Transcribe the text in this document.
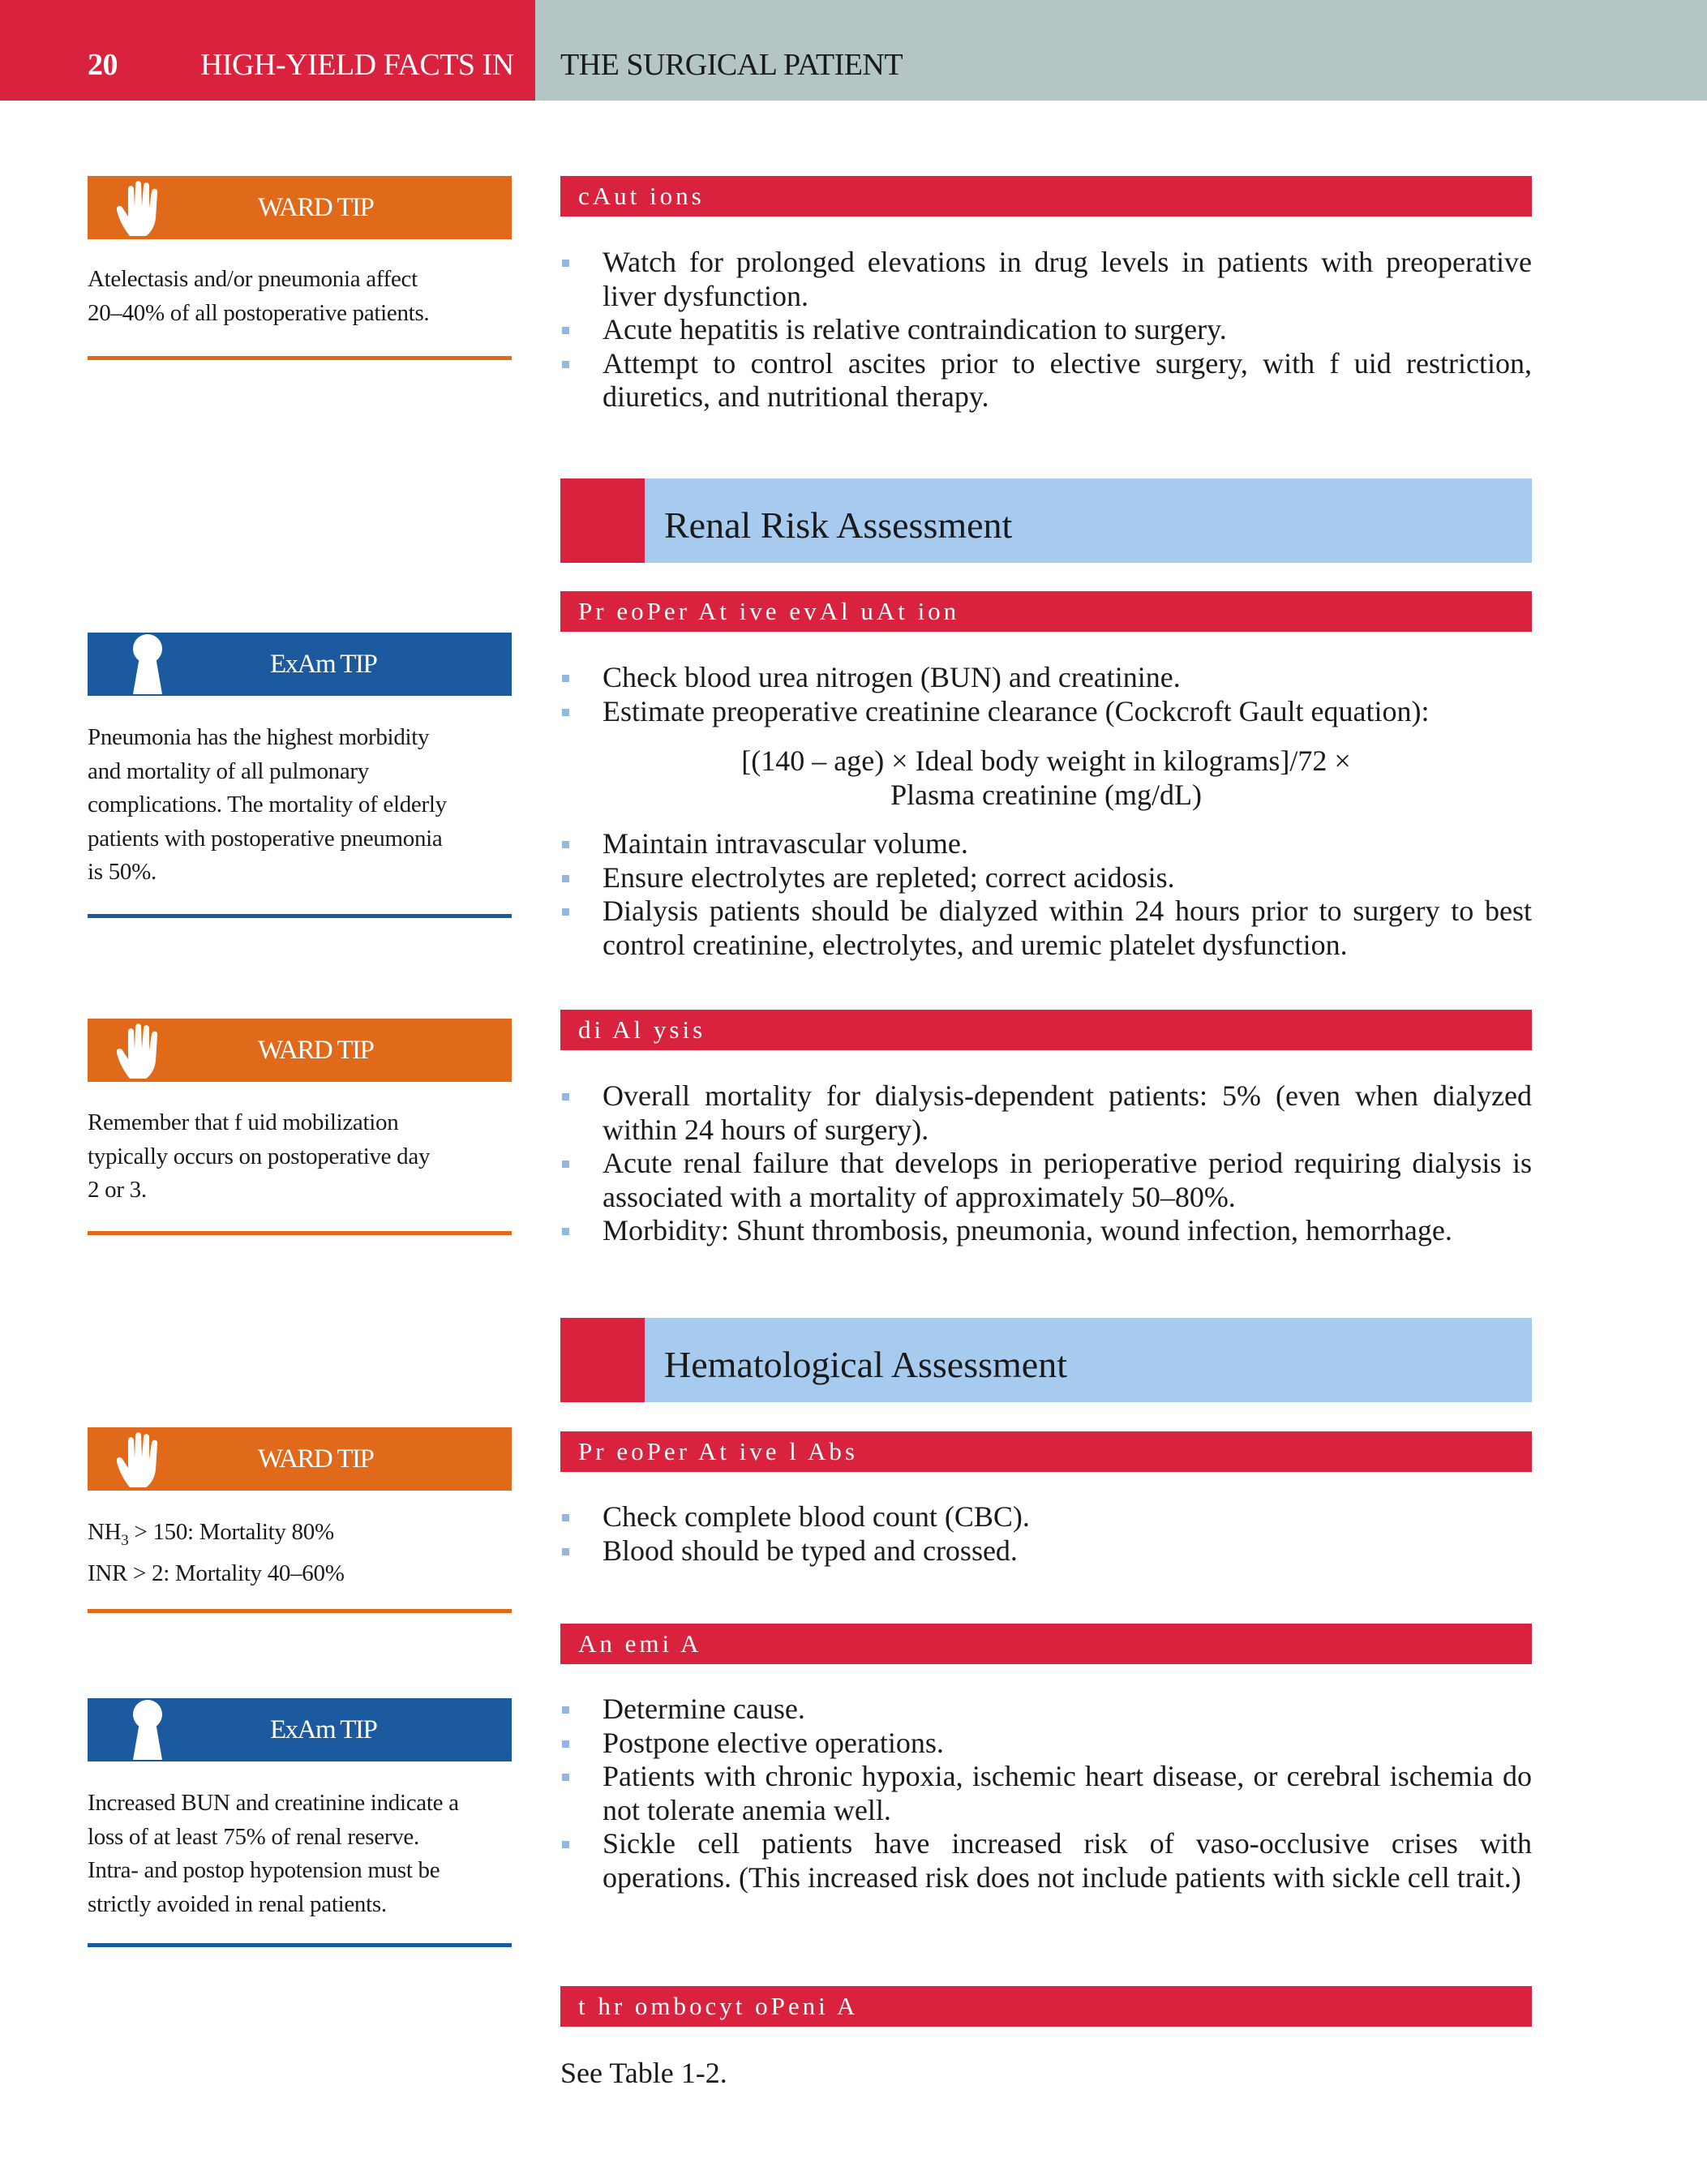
20	HIGH-YIELD FACTS IN THE SURGICAL PATIENT
WARD TIP
Atelectasis and/or pneumonia affect
20–40% of all postoperative patients.
ExAm TIP
Pneumonia has the highest morbidity
and mortality of all pulmonary
complications. The mortality of elderly
patients with postoperative pneumonia
is 50%.
WARD TIP
Remember that f uid mobilization
typically occurs on postoperative day
2 or 3.
WARD TIP
$NH_3 > 150$: Mortality 80%
INR > 2: Mortality 40–60%
ExAm TIP
Increased BUN and creatinine indicate a
loss of at least 75% of renal reserve.
Intra- and postop hypotension must be
strictly avoided in renal patients.
cAut ions
Watch for prolonged elevations in drug levels in patients with preoperative liver dysfunction.
Acute hepatitis is relative contraindication to surgery.
Attempt to control ascites prior to elective surgery, with f uid restriction, diuretics, and nutritional therapy.
Renal Risk Assessment
Pr eoPer At ive evAl uAt ion
Check blood urea nitrogen (BUN) and creatinine.
Estimate preoperative creatinine clearance (Cockcroft Gault equation):
[(140 – age) × Ideal body weight in kilograms]/72 ×
Plasma creatinine (mg/dL)
Maintain intravascular volume.
Ensure electrolytes are repleted; correct acidosis.
Dialysis patients should be dialyzed within 24 hours prior to surgery to best control creatinine, electrolytes, and uremic platelet dysfunction.
di Al ysis
Overall mortality for dialysis-dependent patients: 5% (even when dialyzed within 24 hours of surgery).
Acute renal failure that develops in perioperative period requiring dialysis is associated with a mortality of approximately 50–80%.
Morbidity: Shunt thrombosis, pneumonia, wound infection, hemorrhage.
Hematological Assessment
Pr eoPer At ive l Abs
Check complete blood count (CBC).
Blood should be typed and crossed.
An emi A
Determine cause.
Postpone elective operations.
Patients with chronic hypoxia, ischemic heart disease, or cerebral ischemia do not tolerate anemia well.
Sickle cell patients have increased risk of vaso-occlusive crises with operations. (This increased risk does not include patients with sickle cell trait.)
t hr ombocyt oPeni A
See Table 1-2.
